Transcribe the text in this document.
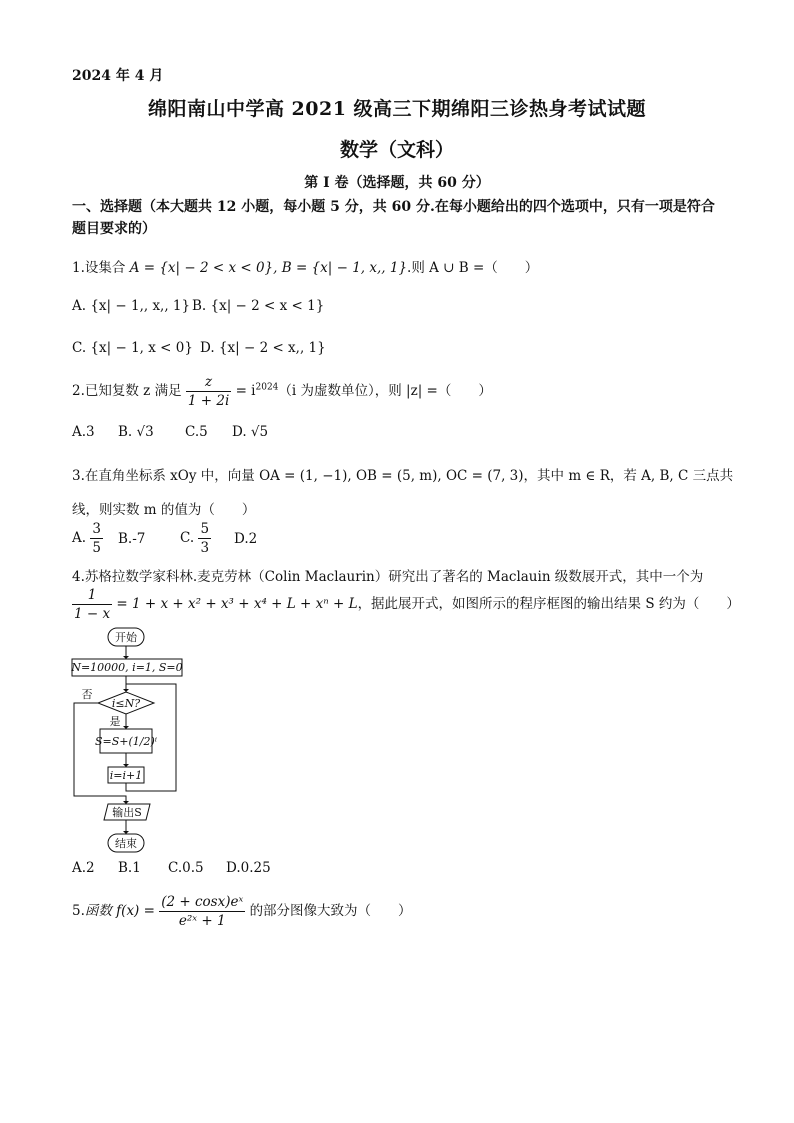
2024 年 4 月
绵阳南山中学高 2021 级高三下期绵阳三诊热身考试试题
数学（文科）
第 I 卷（选择题，共 60 分）
一、选择题（本大题共 12 小题，每小题 5 分，共 60 分.在每小题给出的四个选项中，只有一项是符合题目要求的）
1.设集合 A = {x| − 2 < x < 0}, B = {x| − 1, x,, 1}.则 A ∪ B =（　　）
A. {x| − 1,, x,, 1} B. {x| − 2 < x < 1}
C. {x| − 1, x < 0} D. {x| − 2 < x,, 1}
2.已知复数 z 满足 $\frac{z}{1 + 2i} = i^{2024}(i$ 为虚数单位），则 |z| =（　　）
A.3 B. √3 C.5 D. √5
3.在直角坐标系 xOy 中，向量 OA = (1, −1), OB = (5, m), OC = (7, 3)，其中 m ∈ R，若 A, B, C 三点共
线，则实数 m 的值为（　　）
A. $\frac{3}{5} B.-7$	C. $\frac{5}{3} D.2$
4.苏格拉数学家科林.麦克劳林（Colin Maclaurin）研究出了著名的 Maclauin 级数展开式，其中一个为
$\frac{1}{1 - x} = 1 + x + x^2 + x^3 + x^4 + L + x^n + L$，据此展开式，如图所示的程序框图的输出结果 S 约为（　　）
开始
N=10000, i=1, S=0
i≤N?
否
是
S=S+(1/2)ⁱ
i=i+1
输出S
结束
A.2 B.1 C.0.5 D.0.25
5.函数 $f(x) = \frac{\text{(2 + cosx)eˣ}}{\text{e²ˣ + 1}}$ 的部分图像大致为（　　）
